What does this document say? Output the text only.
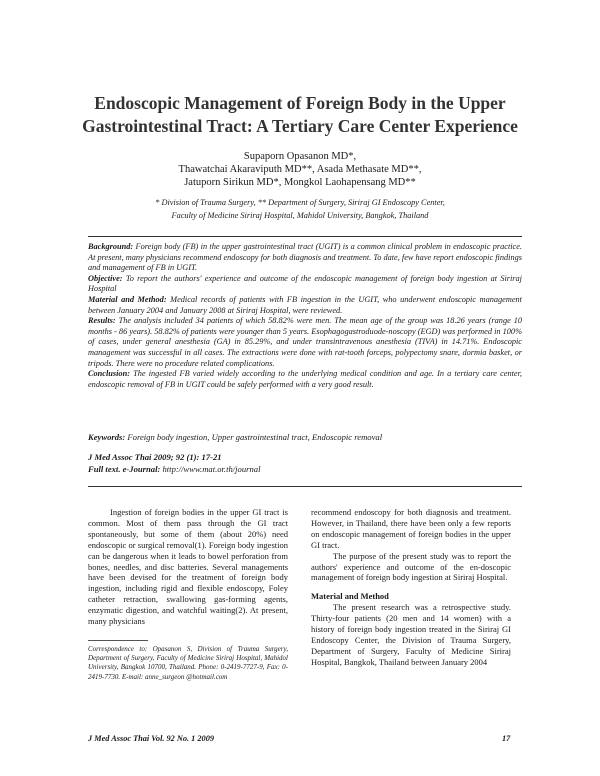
Endoscopic Management of Foreign Body in the Upper
Gastrointestinal Tract: A Tertiary Care Center Experience
Supaporn Opasanon MD*,
Thawatchai Akaraviputh MD**, Asada Methasate MD**,
Jatuporn Sirikun MD*, Mongkol Laohapensang MD**
* Division of Trauma Surgery, ** Department of Surgery, Siriraj GI Endoscopy Center,
Faculty of Medicine Siriraj Hospital, Mahidol University, Bangkok, Thailand

Background: Foreign body (FB) in the upper gastrointestinal tract (UGIT) is a common clinical problem in endoscopic practice. At present, many physicians recommend endoscopy for both diagnosis and treatment. To date, few have report endoscopic findings and management of FB in UGIT.

Objective: To report the authors' experience and outcome of the endoscopic management of foreign body ingestion at Siriraj Hospital

Material and Method: Medical records of patients with FB ingestion in the UGIT, who underwent endoscopic management between January 2004 and January 2008 at Siriraj Hospital, were reviewed.

Results: The analysis included 34 patients of which 58.82% were men. The mean age of the group was 18.26 years (range 10 months - 86 years). 58.82% of patients were younger than 5 years. Esophagogastroduode-noscopy (EGD) was performed in 100% of cases, under general anesthesia (GA) in 85.29%, and under transintravenous anesthesia (TIVA) in 14.71%. Endoscopic management was successful in all cases. The extractions were done with rat-tooth forceps, polypectomy snare, dormia basket, or tripods. There were no procedure related complications.

Conclusion: The ingested FB varied widely according to the underlying medical condition and age. In a tertiary care center, endoscopic removal of FB in UGIT could be safely performed with a very good result.

Keywords: Foreign body ingestion, Upper gastrointestinal tract, Endoscopic removal
J Med Assoc Thai 2009; 92 (1): 17-21
Full text. e-Journal: http://www.mat.or.th/journal

Ingestion of foreign bodies in the upper GI tract is common. Most of them pass through the GI tract spontaneously, but some of them (about 20%) need endoscopic or surgical removal(1). Foreign body ingestion can be dangerous when it leads to bowel perforation from bones, needles, and disc batteries. Several managements have been devised for the treatment of foreign body ingestion, including rigid and flexible endoscopy, Foley catheter retraction, swallowing gas-forming agents, enzymatic digestion, and watchful waiting(2). At present, many physicians

recommend endoscopy for both diagnosis and treatment. However, in Thailand, there have been only a few reports on endoscopic management of foreign bodies in the upper GI tract.

The purpose of the present study was to report the authors' experience and outcome of the en-doscopic management of foreign body ingestion at Siriraj Hospital.

Material and Method

The present research was a retrospective study. Thirty-four patients (20 men and 14 women) with a history of foreign body ingestion treated in the Siriraj GI Endoscopy Center, the Division of Trauma Surgery, Department of Surgery, Faculty of Medicine Siriraj Hospital, Bangkok, Thailand between January 2004

Correspondence to: Opasanon S, Division of Trauma Surgery, Department of Surgery, Faculty of Medicine Siriraj Hospital, Mahidol University, Bangkok 10700, Thailand. Phone: 0-2419-7727-9, Fax: 0-2419-7730. E-mail: anne_surgeon @hotmail.com
J Med Assoc Thai Vol. 92 No. 1 2009	17
